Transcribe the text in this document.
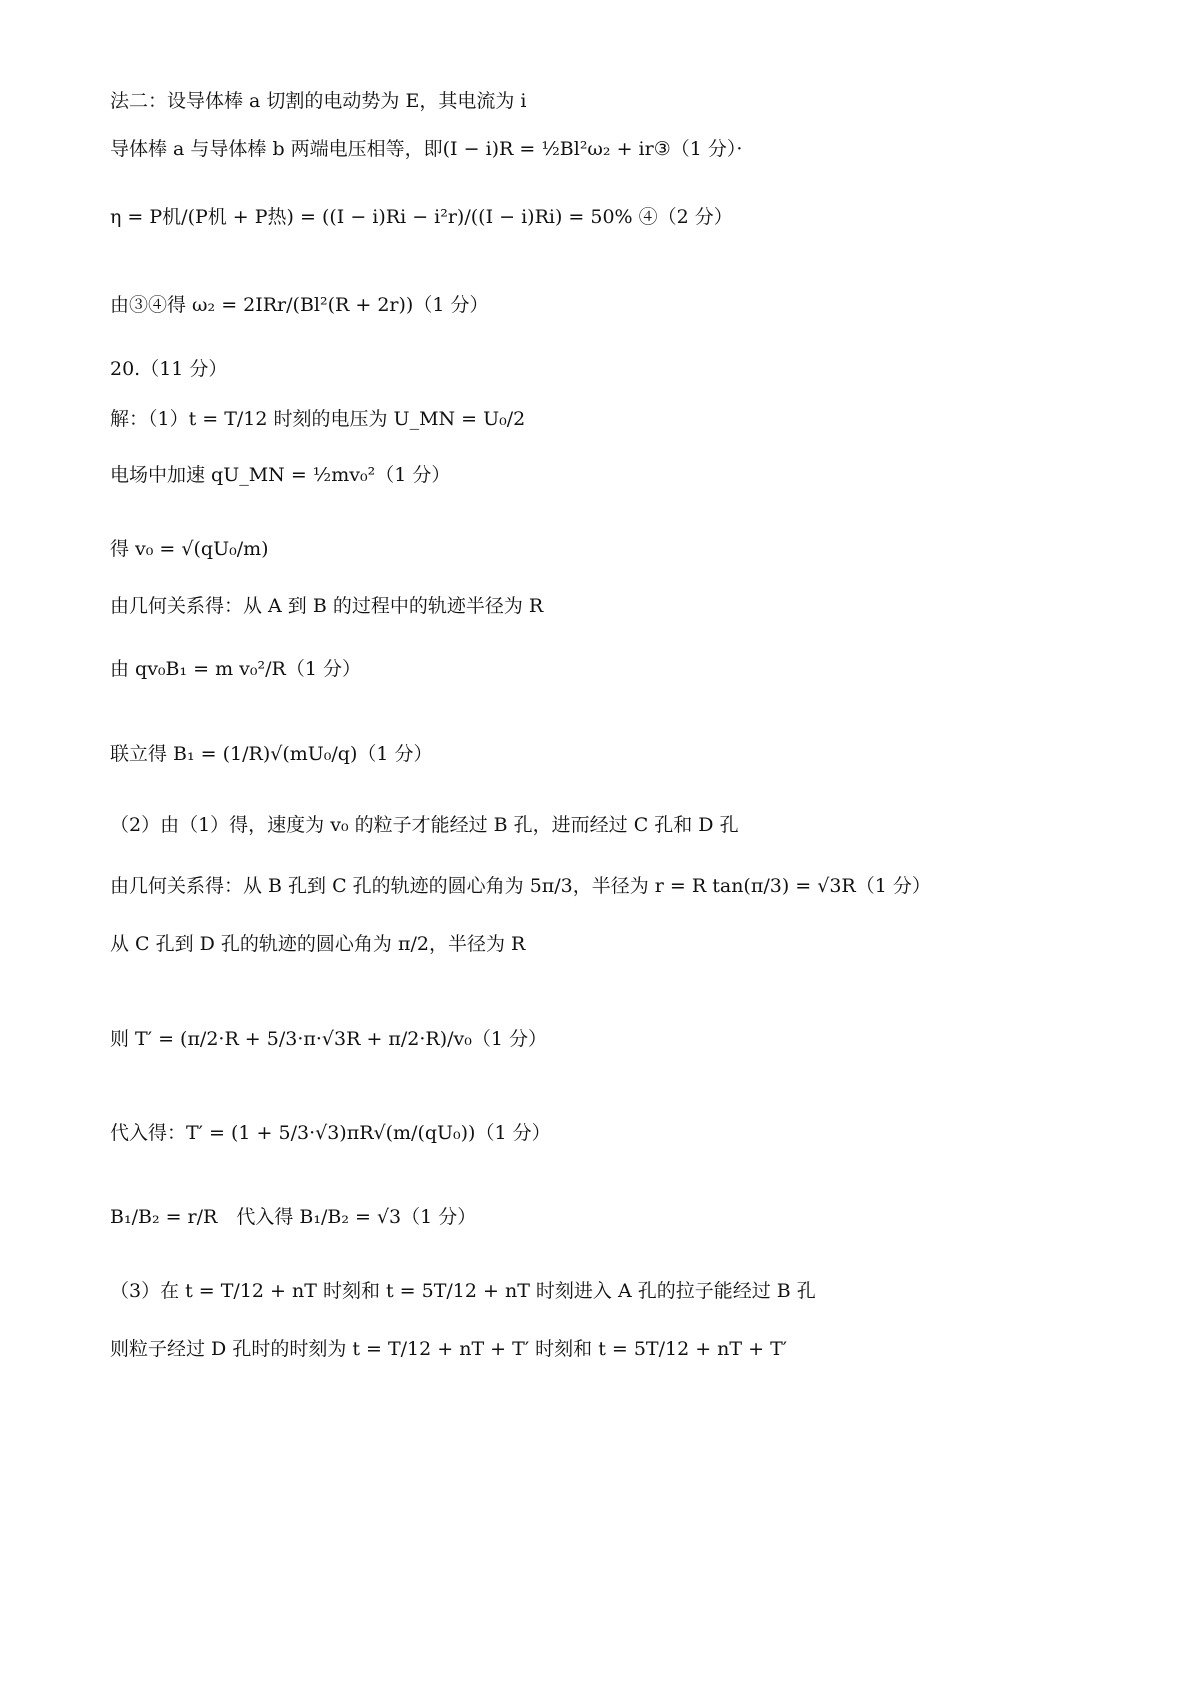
法二：设导体棒 a 切割的电动势为 E，其电流为 i
导体棒 a 与导体棒 b 两端电压相等，即(I − i)R = ½Bl²ω₂ + ir③（1 分）·
η = P机/(P机 + P热) = ((I − i)Ri − i²r)/((I − i)Ri) = 50% ④（2 分）
由③④得 ω₂ = 2IRr/(Bl²(R + 2r))（1 分）
20.（11 分）
解：（1）t = T/12 时刻的电压为 U_MN = U₀/2
电场中加速 qU_MN = ½mv₀²（1 分）
得 v₀ = √(qU₀/m)
由几何关系得：从 A 到 B 的过程中的轨迹半径为 R
由 qv₀B₁ = m v₀²/R（1 分）
联立得 B₁ = (1/R)√(mU₀/q)（1 分）
（2）由（1）得，速度为 v₀ 的粒子才能经过 B 孔，进而经过 C 孔和 D 孔
由几何关系得：从 B 孔到 C 孔的轨迹的圆心角为 5π/3，半径为 r = R tan(π/3) = √3R（1 分）
从 C 孔到 D 孔的轨迹的圆心角为 π/2，半径为 R
则 T′ = (π/2·R + 5/3·π·√3R + π/2·R)/v₀（1 分）
代入得：T′ = (1 + 5/3·√3)πR√(m/(qU₀))（1 分）
B₁/B₂ = r/R　代入得 B₁/B₂ = √3（1 分）
（3）在 t = T/12 + nT 时刻和 t = 5T/12 + nT 时刻进入 A 孔的拉子能经过 B 孔
则粒子经过 D 孔时的时刻为 t = T/12 + nT + T′ 时刻和 t = 5T/12 + nT + T′
